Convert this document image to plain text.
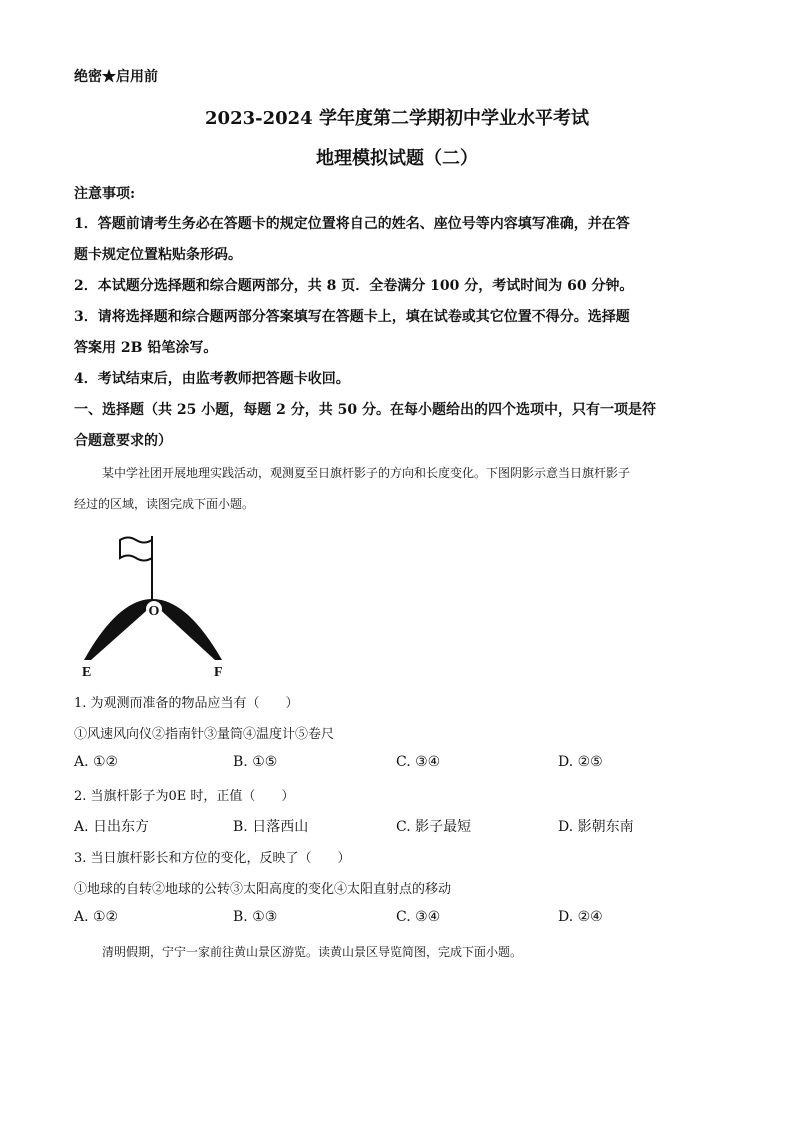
绝密★启用前
2023-2024 学年度第二学期初中学业水平考试
地理模拟试题（二）
注意事项:
1．答题前请考生务必在答题卡的规定位置将自己的姓名、座位号等内容填写准确，并在答
题卡规定位置粘贴条形码。
2．本试题分选择题和综合题两部分，共 8 页．全卷满分 100 分，考试时间为 60 分钟。
3．请将选择题和综合题两部分答案填写在答题卡上，填在试卷或其它位置不得分。选择题
答案用 2B 铅笔涂写。
4．考试结束后，由监考教师把答题卡收回。
一、选择题（共 25 小题，每题 2 分，共 50 分。在每小题给出的四个选项中，只有一项是符
合题意要求的）
某中学社团开展地理实践活动，观测夏至日旗杆影子的方向和长度变化。下图阴影示意当日旗杆影子
经过的区域，读图完成下面小题。
O
E	F
1. 为观测而准备的物品应当有（　　）
①风速风向仪②指南针③量筒④温度计⑤卷尺
A. ①②	B. ①⑤	C. ③④	D. ②⑤
2. 当旗杆影子为0E 时，正值（　　）
A. 日出东方	B. 日落西山	C. 影子最短	D. 影朝东南
3. 当日旗杆影长和方位的变化，反映了（　　）
①地球的自转②地球的公转③太阳高度的变化④太阳直射点的移动
A. ①②	B. ①③	C. ③④	D. ②④
清明假期，宁宁一家前往黄山景区游览。读黄山景区导览简图，完成下面小题。
